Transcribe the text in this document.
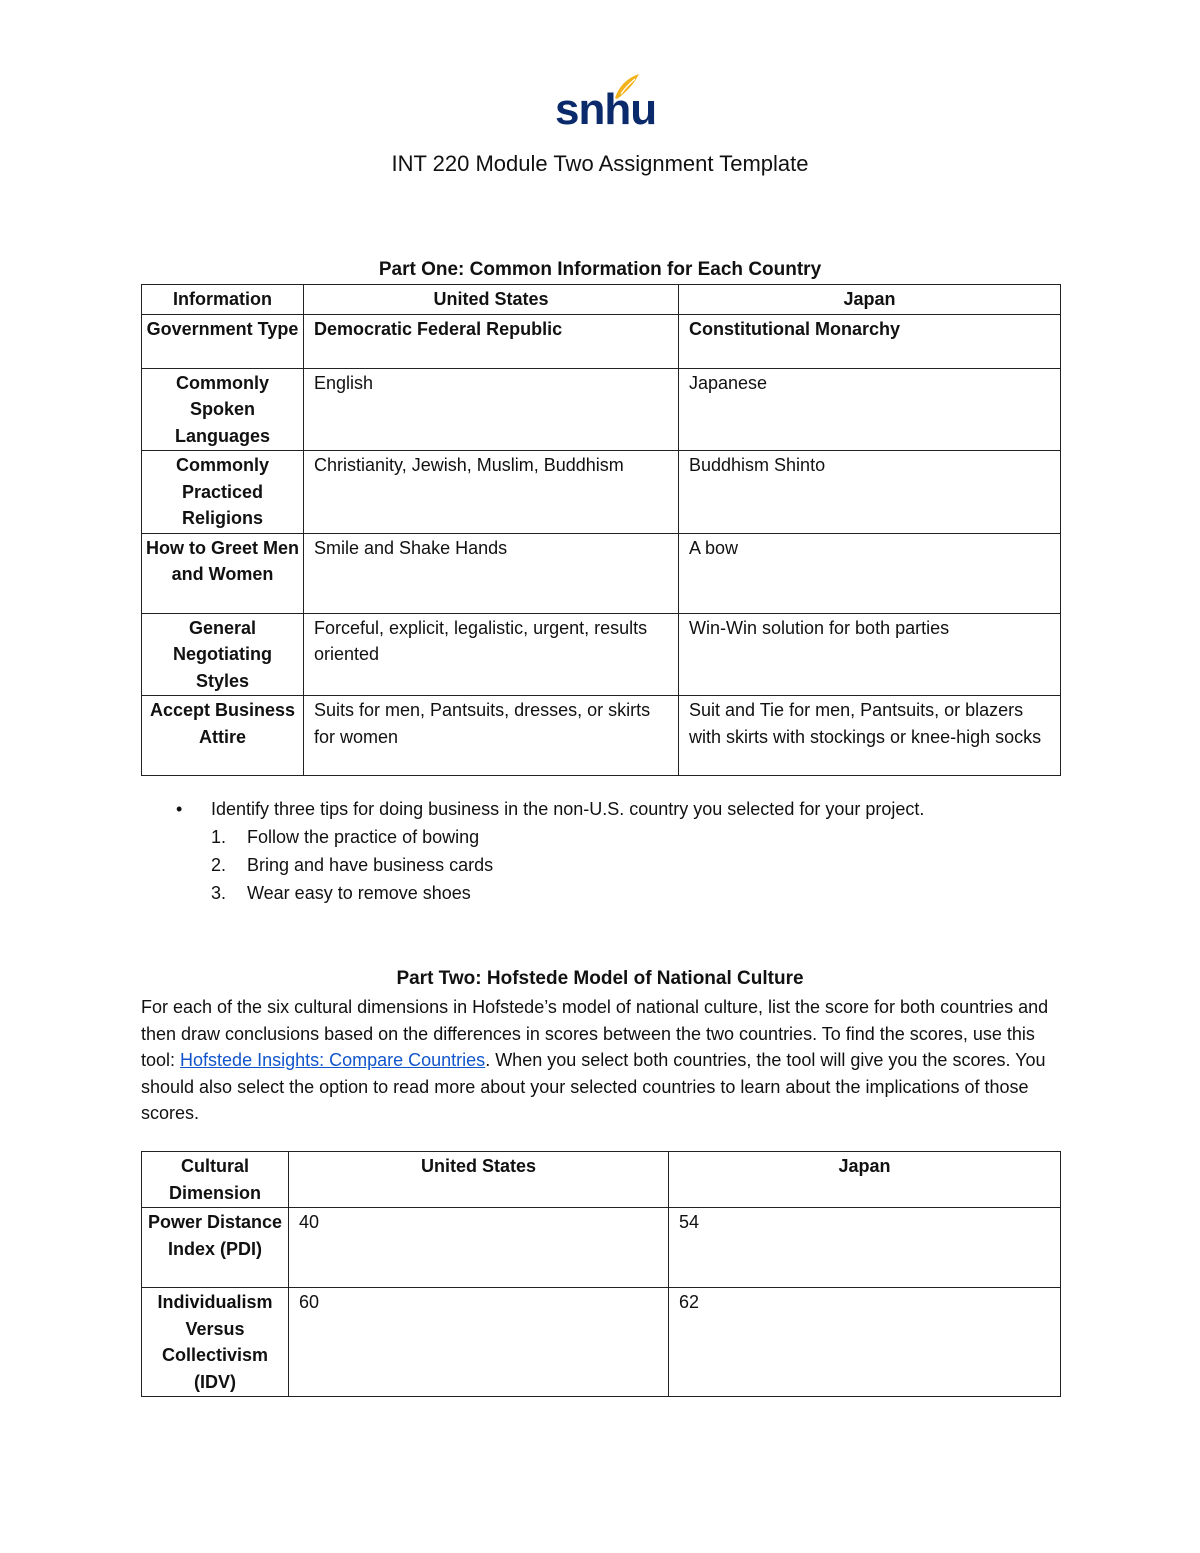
snhu
INT 220 Module Two Assignment Template
Part One: Common Information for Each Country
Information	United States	Japan
Government Type	Democratic Federal Republic	Constitutional Monarchy
Commonly Spoken Languages	English	Japanese
Commonly Practiced Religions	Christianity, Jewish, Muslim, Buddhism	Buddhism Shinto
How to Greet Men and Women	Smile and Shake Hands	A bow
General Negotiating Styles	Forceful, explicit, legalistic, urgent, results oriented	Win-Win solution for both parties
Accept Business Attire	Suits for men, Pantsuits, dresses, or skirts for women	Suit and Tie for men, Pantsuits, or blazers with skirts with stockings or knee-high socks
• Identify three tips for doing business in the non-U.S. country you selected for your project.
1. Follow the practice of bowing
2. Bring and have business cards
3. Wear easy to remove shoes
Part Two: Hofstede Model of National Culture
For each of the six cultural dimensions in Hofstede’s model of national culture, list the score for both countries and then draw conclusions based on the differences in scores between the two countries. To find the scores, use this tool: Hofstede Insights: Compare Countries. When you select both countries, the tool will give you the scores. You should also select the option to read more about your selected countries to learn about the implications of those scores.
Cultural Dimension	United States	Japan
Power Distance Index (PDI)	40	54
Individualism Versus Collectivism (IDV)	60	62
